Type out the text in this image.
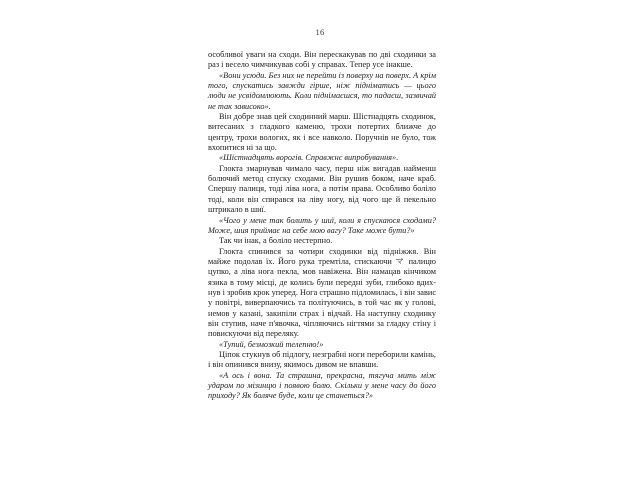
16

особливої уваги на сходи. Він перескакував по дві сходинки за раз і весело чимчикував собі у справах. Тепер усе інакше.

«Вони усюди. Без них не перейти із поверху на поверх. А крім того, спускатись завжди гірше, ніж підніматись — цього люди не усвідомлюють. Коли піднімаєшся, то падаєш, зазвичай не так зависоко».

Він добре знав цей сходинний марш. Шістнадцять сходинок, витесаних з гладкого каменю, трохи потертих ближче до центру, трохи вологих, як і все навколо. Поручнів не було, тож вхопитися ні за що.

«Шістнадцять ворогів. Справжнє випробування».

Глокта змарнував чимало часу, перш ніж вигадав найменш болючий метод спуску сходами. Він рушив боком, наче краб. Спершу палиця, тоді ліва нога, а потім права. Особливо боліло тоді, коли він спирався на ліву ногу, від чого ще й пекельно штрикало в шиї.

«Чого у мене так болить у шиї, коли я спускаюся сходами? Може, шия приймає на себе мою вагу? Таке може бути?»

Так чи інак, а боліло нестерпно.

Глокта спинився за чотири сходинки від підніжжя. Він майже подолав їх. Його рука тремтіла, стискаючи マ палицю цупко, а ліва нога пекла, мов навіжена. Він намацав кінчиком язика в тому місці, де колись були передні зуби, глибоко вдихнув і зробив крок уперед. Нога страшно підломилась, і він завис у повітрі, виверпаючись та політуючись, в той час як у голові, немов у казані, закипіли страх і відчай. На наступну сходинку він ступив, наче п'явочка, чіпляючись нігтями за гладку стіну і повискуючи від переляку.

«Тупий, безмозкий телепню!»

Ціпок стукнув об підлогу, незграбні ноги переборили камінь, і він опинився внизу, якимось дивом не впавши.

«А ось і вона. Та страшна, прекрасна, тягуча мить між ударом по мізинцю і появою болю. Скільки у мене часу до його приходу? Як боляче буде, коли це станеться?»
